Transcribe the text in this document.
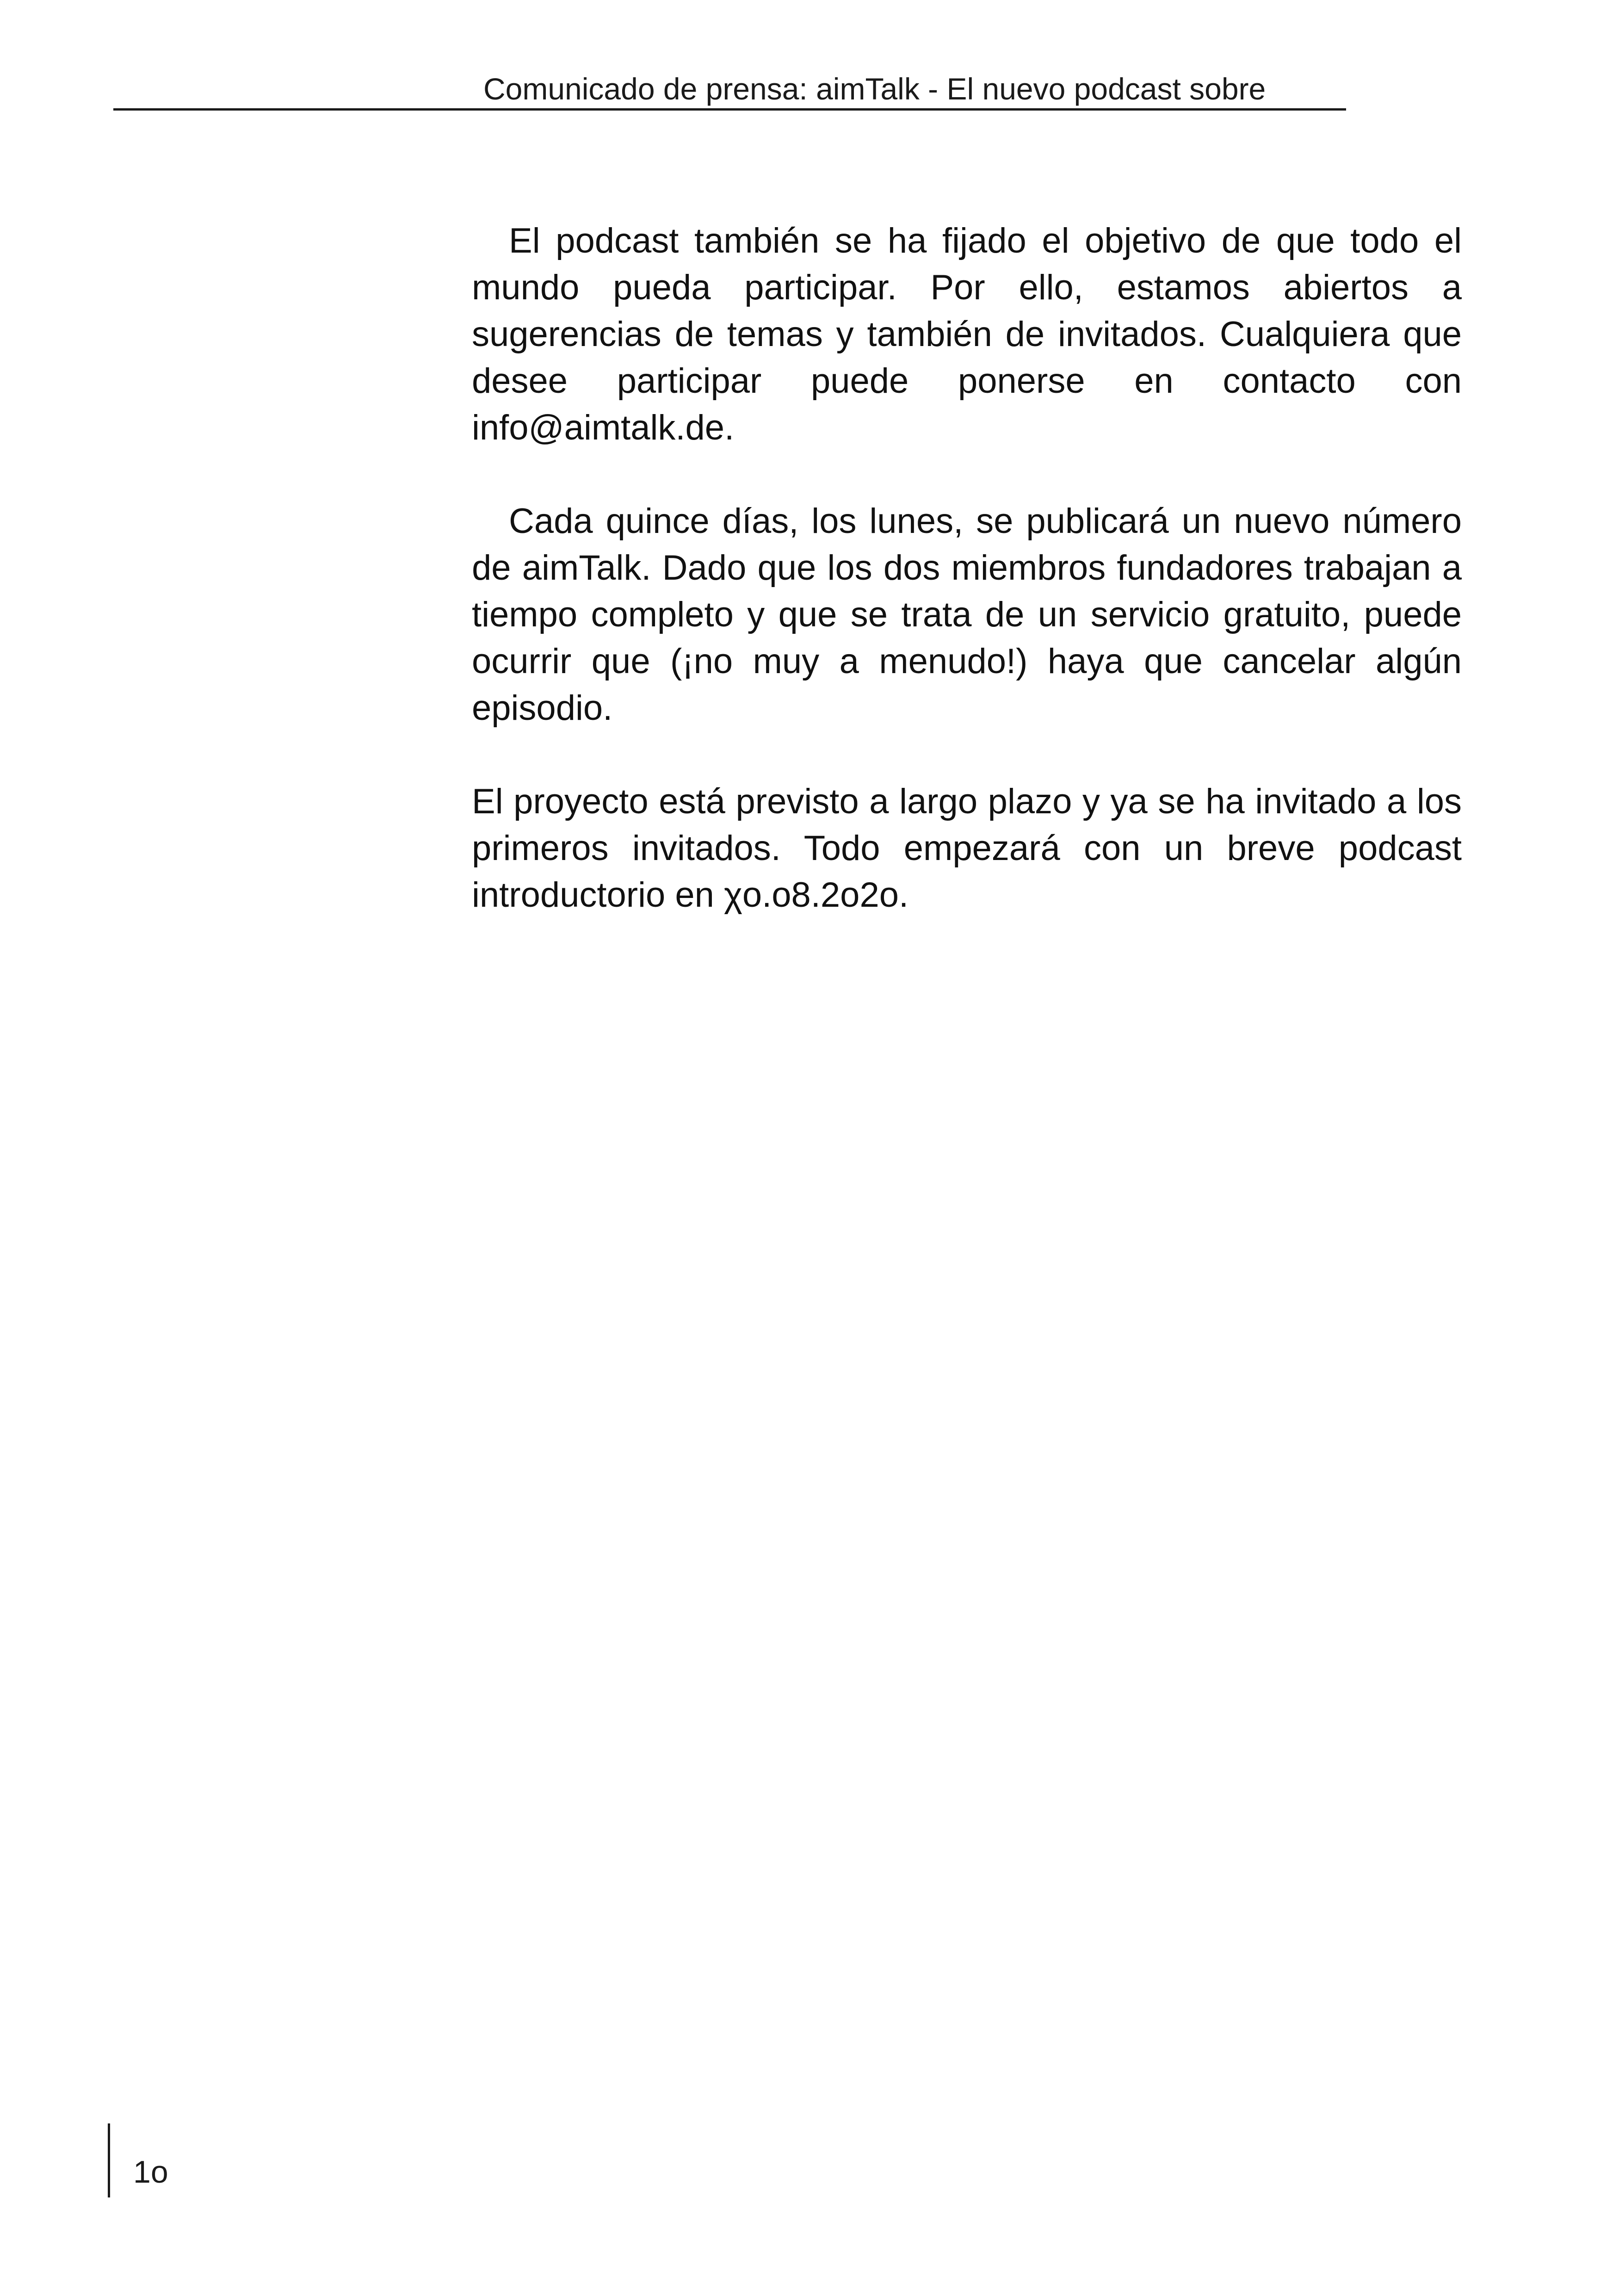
Comunicado de prensa: aimTalk - El nuevo podcast sobre

El podcast también se ha fijado el objetivo de que todo el mundo pueda participar. Por ello, estamos abiertos a sugerencias de temas y también de invitados. Cualquiera que desee participar puede ponerse en contacto con info@aimtalk.de.

Cada quince días, los lunes, se publicará un nuevo número de aimTalk. Dado que los dos miembros fundadores trabajan a tiempo completo y que se trata de un servicio gratuito, puede ocurrir que (¡no muy a menudo!) haya que cancelar algún episodio.

El proyecto está previsto a largo plazo y ya se ha invitado a los primeros invitados. Todo empezará con un breve podcast introductorio en χo.o8.2o2o.

1o
